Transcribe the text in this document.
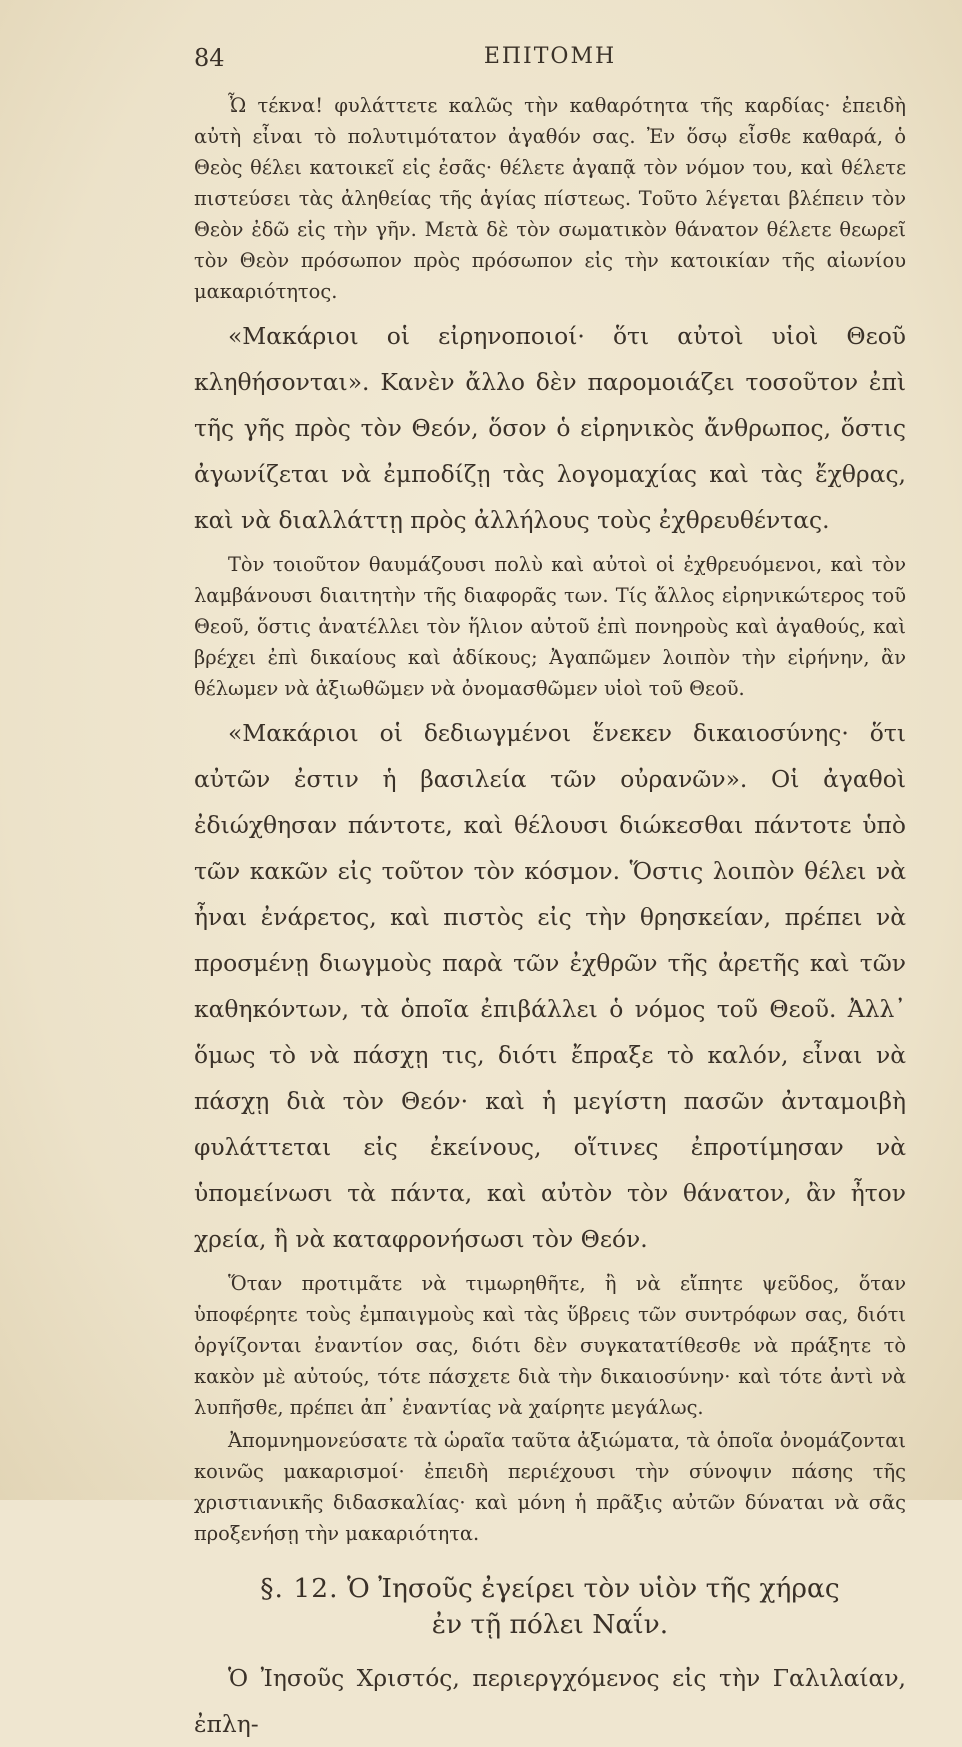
84	ΕΠΙΤΟΜΗ

Ὦ τέκνα! φυλάττετε καλῶς τὴν καθαρότητα τῆς καρδίας· ἐπειδὴ αὐτὴ εἶναι τὸ πολυτιμότατον ἀγαθόν σας. Ἐν ὅσῳ εἶσθε καθαρά, ὁ Θεὸς θέλει κατοικεῖ εἰς ἐσᾶς· θέλετε ἀγαπᾷ τὸν νόμον του, καὶ θέλετε πιστεύσει τὰς ἀληθείας τῆς ἁγίας πίστεως. Τοῦτο λέγεται βλέπειν τὸν Θεὸν ἐδῶ εἰς τὴν γῆν. Μετὰ δὲ τὸν σωματικὸν θάνατον θέλετε θεωρεῖ τὸν Θεὸν πρόσωπον πρὸς πρόσωπον εἰς τὴν κατοικίαν τῆς αἰωνίου μακαριότητος.

«Μακάριοι οἱ εἰρηνοποιοί· ὅτι αὐτοὶ υἱοὶ Θεοῦ κληθήσονται». Κανὲν ἄλλο δὲν παρομοιάζει τοσοῦτον ἐπὶ τῆς γῆς πρὸς τὸν Θεόν, ὅσον ὁ εἰρηνικὸς ἄνθρωπος, ὅστις ἀγωνίζεται νὰ ἐμποδίζῃ τὰς λογομαχίας καὶ τὰς ἔχθρας, καὶ νὰ διαλλάττῃ πρὸς ἀλλήλους τοὺς ἐχθρευθέντας.

Τὸν τοιοῦτον θαυμάζουσι πολὺ καὶ αὐτοὶ οἱ ἐχθρευόμενοι, καὶ τὸν λαμβάνουσι διαιτητὴν τῆς διαφορᾶς των. Τίς ἄλλος εἰρηνικώτερος τοῦ Θεοῦ, ὅστις ἀνατέλλει τὸν ἥλιον αὐτοῦ ἐπὶ πονηροὺς καὶ ἀγαθούς, καὶ βρέχει ἐπὶ δικαίους καὶ ἀδίκους; Ἀγαπῶμεν λοιπὸν τὴν εἰρήνην, ἂν θέλωμεν νὰ ἀξιωθῶμεν νὰ ὀνομασθῶμεν υἱοὶ τοῦ Θεοῦ.

«Μακάριοι οἱ δεδιωγμένοι ἕνεκεν δικαιοσύνης· ὅτι αὐτῶν ἐστιν ἡ βασιλεία τῶν οὐρανῶν». Οἱ ἀγαθοὶ ἐδιώχθησαν πάντοτε, καὶ θέλουσι διώκεσθαι πάντοτε ὑπὸ τῶν κακῶν εἰς τοῦτον τὸν κόσμον. Ὅστις λοιπὸν θέλει νὰ ἦναι ἐνάρετος, καὶ πιστὸς εἰς τὴν θρησκείαν, πρέπει νὰ προσμένῃ διωγμοὺς παρὰ τῶν ἐχθρῶν τῆς ἀρετῆς καὶ τῶν καθηκόντων, τὰ ὁποῖα ἐπιβάλλει ὁ νόμος τοῦ Θεοῦ. Ἀλλ᾽ ὅμως τὸ νὰ πάσχῃ τις, διότι ἔπραξε τὸ καλόν, εἶναι νὰ πάσχῃ διὰ τὸν Θεόν· καὶ ἡ μεγίστη πασῶν ἀνταμοιβὴ φυλάττεται εἰς ἐκείνους, οἵτινες ἐπροτίμησαν νὰ ὑπομείνωσι τὰ πάντα, καὶ αὐτὸν τὸν θάνατον, ἂν ἦτον χρεία, ἢ νὰ καταφρονήσωσι τὸν Θεόν.

Ὅταν προτιμᾶτε νὰ τιμωρηθῆτε, ἢ νὰ εἴπητε ψεῦδος, ὅταν ὑποφέρητε τοὺς ἐμπαιγμοὺς καὶ τὰς ὕβρεις τῶν συντρόφων σας, διότι ὀργίζονται ἐναντίον σας, διότι δὲν συγκατατίθεσθε νὰ πράξητε τὸ κακὸν μὲ αὐτούς, τότε πάσχετε διὰ τὴν δικαιοσύνην· καὶ τότε ἀντὶ νὰ λυπῆσθε, πρέπει ἀπ᾽ ἐναντίας νὰ χαίρητε μεγάλως.

Ἀπομνημονεύσατε τὰ ὡραῖα ταῦτα ἀξιώματα, τὰ ὁποῖα ὀνομάζονται κοινῶς μακαρισμοί· ἐπειδὴ περιέχουσι τὴν σύνοψιν πάσης τῆς χριστιανικῆς διδασκαλίας· καὶ μόνη ἡ πρᾶξις αὐτῶν δύναται νὰ σᾶς προξενήσῃ τὴν μακαριότητα.

§. 12. Ὁ Ἰησοῦς ἐγείρει τὸν υἱὸν τῆς χήρας
ἐν τῇ πόλει Ναΐν.

Ὁ Ἰησοῦς Χριστός, περιεργχόμενος εἰς τὴν Γαλιλαίαν, ἐπλη-
